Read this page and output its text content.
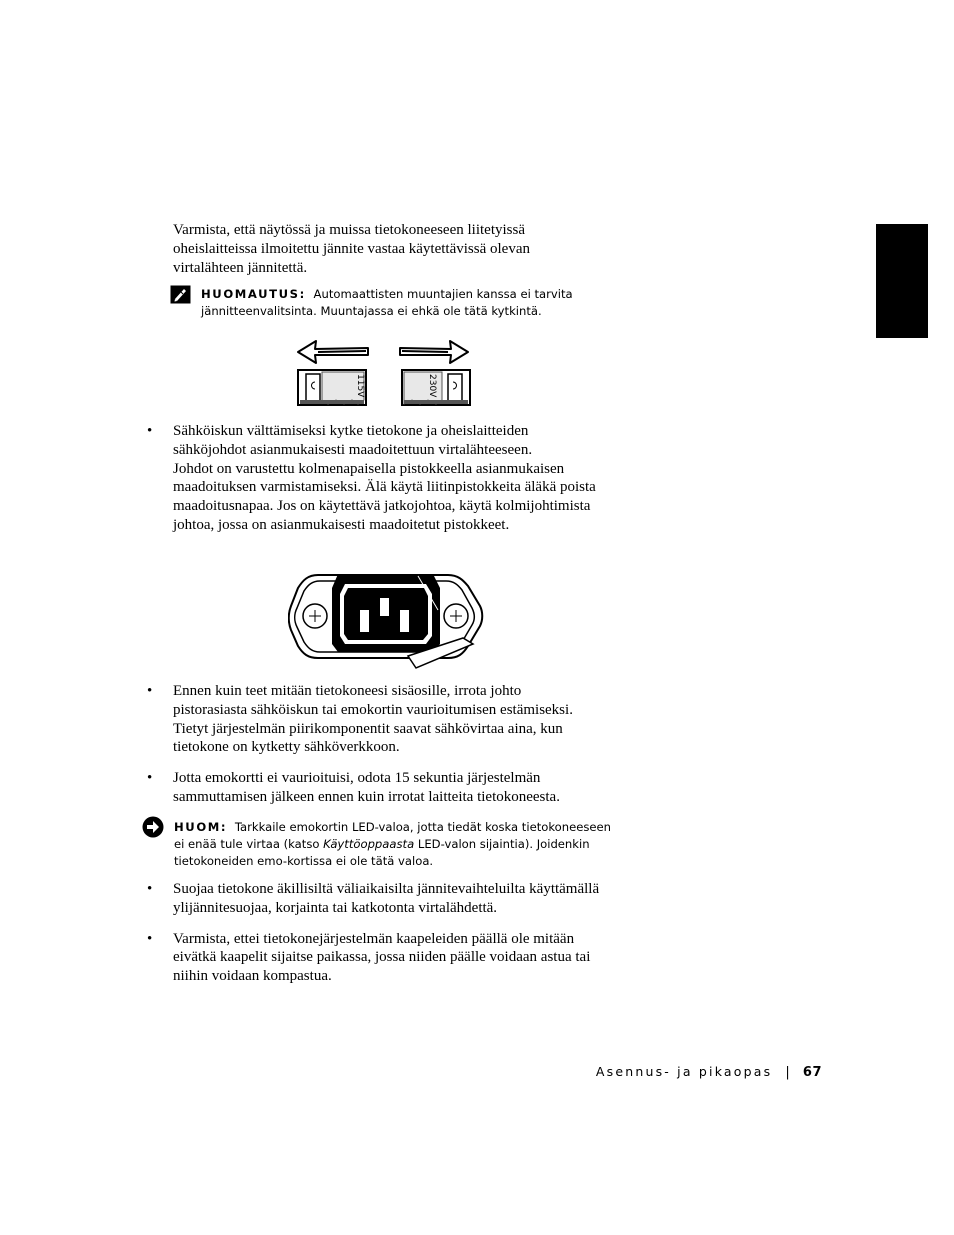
Varmista, että näytössä ja muissa tietokoneeseen liitetyissä
oheislaitteissa ilmoitettu jännite vastaa käytettävissä olevan
virtalähteen jännitettä.
HUOMAUTUS: Automaattisten muuntajien kanssa ei tarvita
jännitteenvalitsinta. Muuntajassa ei ehkä ole tätä kytkintä.
115V	230V
• Sähköiskun välttämiseksi kytke tietokone ja oheislaitteiden
sähköjohdot asianmukaisesti maadoitettuun virtalähteeseen.
Johdot on varustettu kolmenapaisella pistokkeella asianmukaisen
maadoituksen varmistamiseksi. Älä käytä liitinpistokkeita äläkä poista
maadoitusnapaa. Jos on käytettävä jatkojohtoa, käytä kolmijohtimista
johtoa, jossa on asianmukaisesti maadoitetut pistokkeet.
• Ennen kuin teet mitään tietokoneesi sisäosille, irrota johto
pistorasiasta sähköiskun tai emokortin vaurioitumisen estämiseksi.
Tietyt järjestelmän piirikomponentit saavat sähkövirtaa aina, kun
tietokone on kytketty sähköverkkoon.
• Jotta emokortti ei vaurioituisi, odota 15 sekuntia järjestelmän
sammuttamisen jälkeen ennen kuin irrotat laitteita tietokoneesta.
HUOM: Tarkkaile emokortin LED-valoa, jotta tiedät koska tietokoneeseen
ei enää tule virtaa (katso Käyttöoppaasta LED-valon sijaintia). Joidenkin
tietokoneiden emo-kortissa ei ole tätä valoa.
• Suojaa tietokone äkillisiltä väliaikaisilta jännitevaihteluilta käyttämällä
ylijännitesuojaa, korjainta tai katkotonta virtalähdettä.
• Varmista, ettei tietokonejärjestelmän kaapeleiden päällä ole mitään
eivätkä kaapelit sijaitse paikassa, jossa niiden päälle voidaan astua tai
niihin voidaan kompastua.
Asennus- ja pikaopas | 67
